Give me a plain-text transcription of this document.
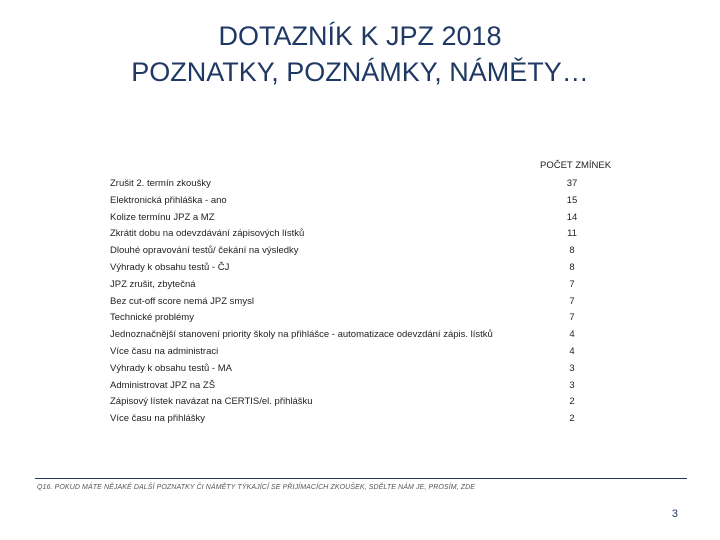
DOTAZNÍK K JPZ 2018
POZNATKY, POZNÁMKY, NÁMĚTY…
POČET ZMÍNEK
Zrušit 2. termín zkoušky	37
Elektronická přihláška - ano	15
Kolize termínu JPZ a MZ	14
Zkrátit dobu na odevzdávání zápisových lístků	11
Dlouhé opravování testů/ čekání na výsledky	8
Výhrady k obsahu testů - ČJ	8
JPZ zrušit, zbytečná	7
Bez cut-off score nemá JPZ smysl	7
Technické problémy	7
Jednoznačnější stanovení priority školy na přihlášce - automatizace odevzdání zápis. lístků	4
Více času na administraci	4
Výhrady k obsahu testů - MA	3
Administrovat JPZ na ZŠ	3
Zápisový lístek navázat na CERTIS/el. přihlášku	2
Více času na přihlášky	2
Q16. POKUD MÁTE NĚJAKÉ DALŠÍ POZNATKY ČI NÁMĚTY TÝKAJÍCÍ SE PŘIJÍMACÍCH ZKOUŠEK, SDĚLTE NÁM JE, PROSÍM, ZDE
3
